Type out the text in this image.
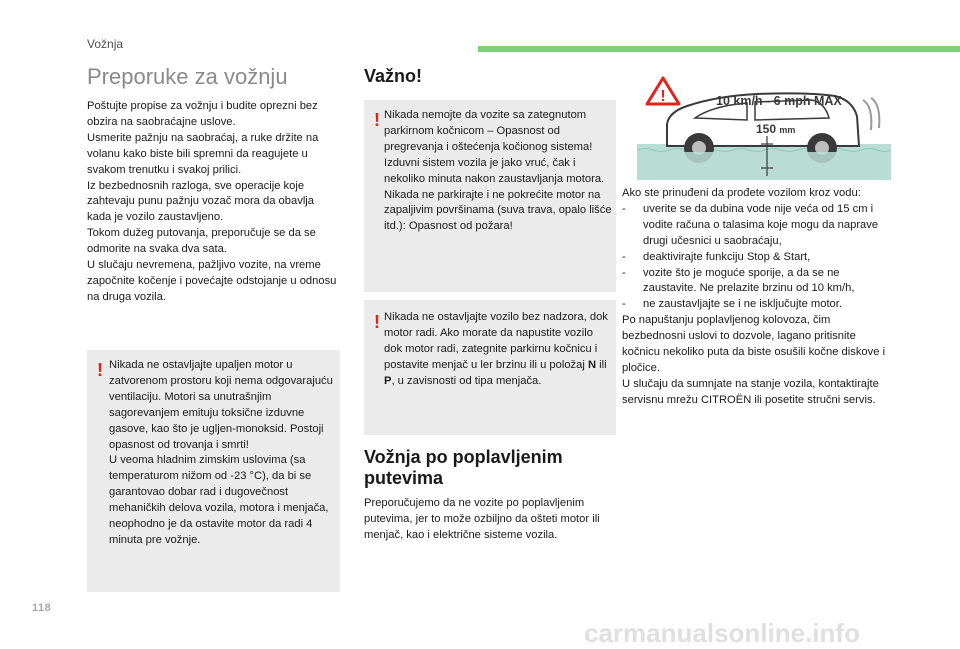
Vožnja
Preporuke za vožnju

Poštujte propise za vožnju i budite oprezni bez obzira na saobraćajne uslove.

Usmerite pažnju na saobraćaj, a ruke držite na volanu kako biste bili spremni da reagujete u svakom trenutku i svakoj prilici.

Iz bezbednosnih razloga, sve operacije koje zahtevaju punu pažnju vozač mora da obavlja kada je vozilo zaustavljeno.

Tokom dužeg putovanja, preporučuje se da se odmorite na svaka dva sata.

U slučaju nevremena, pažljivo vozite, na vreme započnite kočenje i povećajte odstojanje u odnosu na druga vozila.

! Nikada ne ostavljajte upaljen motor u zatvorenom prostoru koji nema odgovarajuću ventilaciju. Motori sa unutrašnjim sagorevanjem emituju toksične izduvne gasove, kao što je ugljen-monoksid. Postoji opasnost od trovanja i smrti!

U veoma hladnim zimskim uslovima (sa temperaturom nižom od -23 °C), da bi se garantovao dobar rad i dugovečnost mehaničkih delova vozila, motora i menjača, neophodno je da ostavite motor da radi 4 minuta pre vožnje.

Važno!
! Nikada nemojte da vozite sa zategnutom parkirnom kočnicom – Opasnost od pregrevanja i oštećenja kočionog sistema! Izduvni sistem vozila je jako vruć, čak i nekoliko minuta nakon zaustavljanja motora. Nikada ne parkirajte i ne pokrećite motor na zapaljivim površinama (suva trava, opalo lišće itd.): Opasnost od požara!
! Nikada ne ostavljajte vozilo bez nadzora, dok motor radi. Ako morate da napustite vozilo dok motor radi, zategnite parkirnu kočnicu i postavite menjač u ler brzinu ili u položaj N ili P, u zavisnosti od tipa menjača.
Vožnja po poplavljenim putevima
Preporučujemo da ne vozite po poplavljenim putevima, jer to može ozbiljno da ošteti motor ili menjač, kao i električne sisteme vozila.
!	10 km/h - 6 mph MAX
150 mm

Ako ste prinuđeni da prođete vozilom kroz vodu:

- uverite se da dubina vode nije veća od 15 cm i vodite računa o talasima koje mogu da naprave drugi učesnici u saobraćaju,
- deaktivirajte funkciju Stop & Start,
- vozite što je moguće sporije, a da se ne zaustavite. Ne prelazite brzinu od 10 km/h,
- ne zaustavljajte se i ne isključujte motor.

Po napuštanju poplavljenog kolovoza, čim bezbednosni uslovi to dozvole, lagano pritisnite kočnicu nekoliko puta da biste osušili kočne diskove i pločice.

U slučaju da sumnjate na stanje vozila, kontaktirajte servisnu mrežu CITROËN ili posetite stručni servis.

118
carmanualsonline.info
